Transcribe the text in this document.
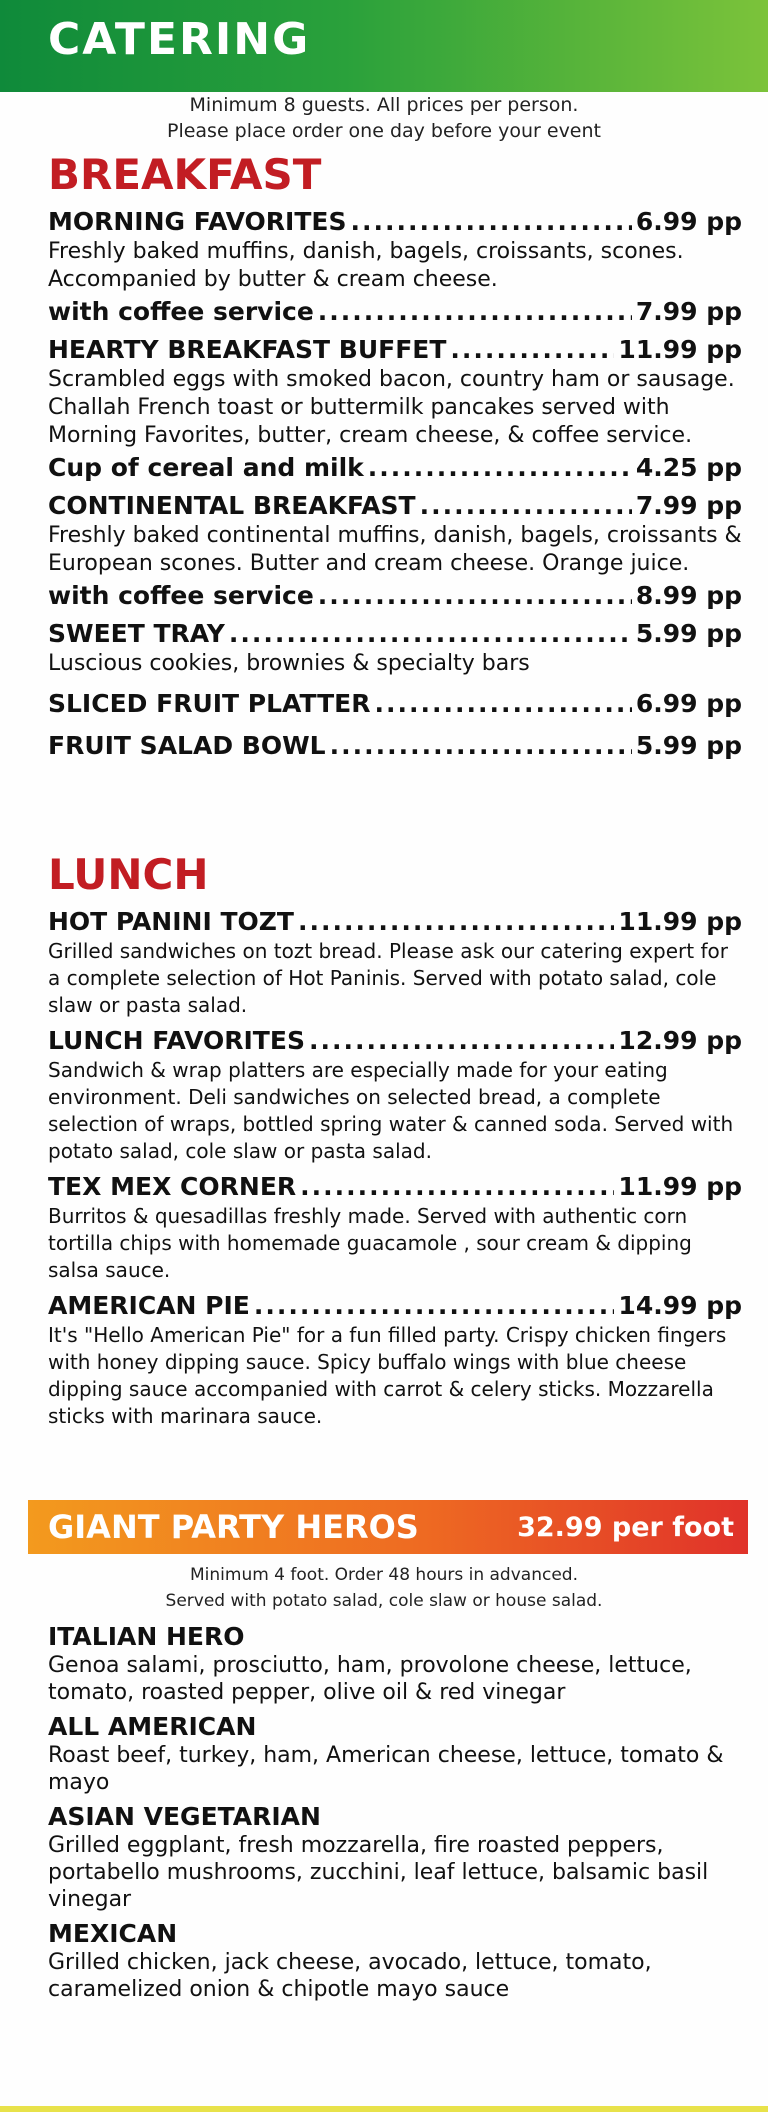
CATERING
Minimum 8 guests. All prices per person.
Please place order one day before your event
BREAKFAST
MORNING FAVORITES .....	6.99 pp
Freshly baked muffins, danish, bagels, croissants, scones. Accompanied by butter & cream cheese.
with coffee service .....	7.99 pp
HEARTY BREAKFAST BUFFET .....	11.99 pp
Scrambled eggs with smoked bacon, country ham or sausage. Challah French toast or buttermilk pancakes served with Morning Favorites, butter, cream cheese, & coffee service.
Cup of cereal and milk .....	4.25 pp
CONTINENTAL BREAKFAST .....	7.99 pp
Freshly baked continental muffins, danish, bagels, croissants & European scones. Butter and cream cheese. Orange juice.
with coffee service .....	8.99 pp
SWEET TRAY .....	5.99 pp
Luscious cookies, brownies & specialty bars
SLICED FRUIT PLATTER .....	6.99 pp
FRUIT SALAD BOWL .....	5.99 pp
LUNCH
HOT PANINI TOZT .....	11.99 pp
Grilled sandwiches on tozt bread. Please ask our catering expert for a complete selection of Hot Paninis. Served with potato salad, cole slaw or pasta salad.
LUNCH FAVORITES .....	12.99 pp
Sandwich & wrap platters are especially made for your eating environment. Deli sandwiches on selected bread, a complete selection of wraps, bottled spring water & canned soda. Served with potato salad, cole slaw or pasta salad.
TEX MEX CORNER .....	11.99 pp
Burritos & quesadillas freshly made. Served with authentic corn tortilla chips with homemade guacamole , sour cream & dipping salsa sauce.
AMERICAN PIE .....	14.99 pp
It's "Hello American Pie" for a fun filled party. Crispy chicken fingers with honey dipping sauce. Spicy buffalo wings with blue cheese dipping sauce accompanied with carrot & celery sticks. Mozzarella sticks with marinara sauce.
GIANT PARTY HEROS	32.99 per foot
Minimum 4 foot. Order 48 hours in advanced.
Served with potato salad, cole slaw or house salad.
ITALIAN HERO
Genoa salami, prosciutto, ham, provolone cheese, lettuce, tomato, roasted pepper, olive oil & red vinegar
ALL AMERICAN
Roast beef, turkey, ham, American cheese, lettuce, tomato & mayo
ASIAN VEGETARIAN
Grilled eggplant, fresh mozzarella, fire roasted peppers, portabello mushrooms, zucchini, leaf lettuce, balsamic basil vinegar
MEXICAN
Grilled chicken, jack cheese, avocado, lettuce, tomato, caramelized onion & chipotle mayo sauce
